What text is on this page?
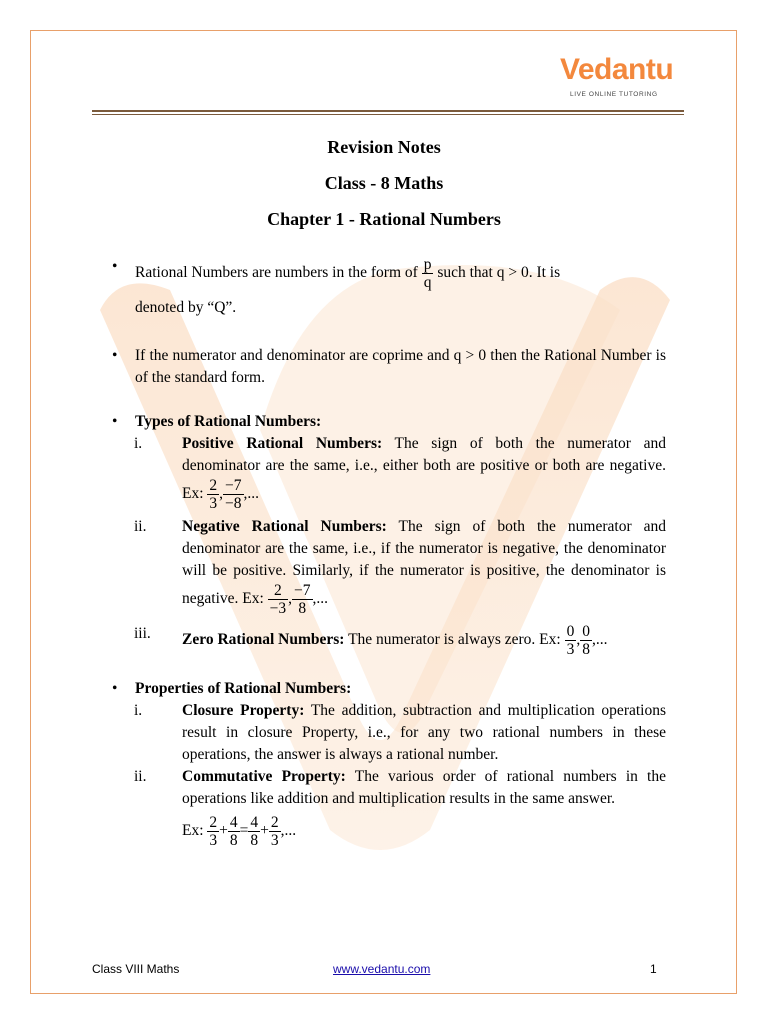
Vedantu
LIVE ONLINE TUTORING
Revision Notes
Class - 8 Maths
Chapter 1 - Rational Numbers
• Rational Numbers are numbers in the form of $\frac{p}{q}$ such that q > 0. It is
denoted by “Q”.
• If the numerator and denominator are coprime and q > 0 then the Rational Number is of the standard form.
• Types of Rational Numbers:
i.	Positive Rational Numbers: The sign of both the numerator and denominator are the same, i.e., either both are positive or both are negative. Ex: $\frac{2}{3}$ , $\frac{-7}{-8}$ ,...
ii.	Negative Rational Numbers: The sign of both the numerator and denominator are the same, i.e., if the numerator is negative, the denominator will be positive. Similarly, if the numerator is positive, the denominator is negative. Ex: $\frac{2}{-3}$ , $\frac{-7}{8}$ ,...
iii.	Zero Rational Numbers: The numerator is always zero. Ex: $\frac{0}{3}$ , $\frac{0}{8}$ ,...
• Properties of Rational Numbers:
i.	Closure Property: The addition, subtraction and multiplication operations result in closure Property, i.e., for any two rational numbers in these operations, the answer is always a rational number.
ii.	Commutative Property: The various order of rational numbers in the operations like addition and multiplication results in the same answer.
Ex: $\frac{2}{3} + \frac{4}{8} = \frac{4}{8} + \frac{2}{3}$ ,...
Class VIII Maths	www.vedantu.com	1
